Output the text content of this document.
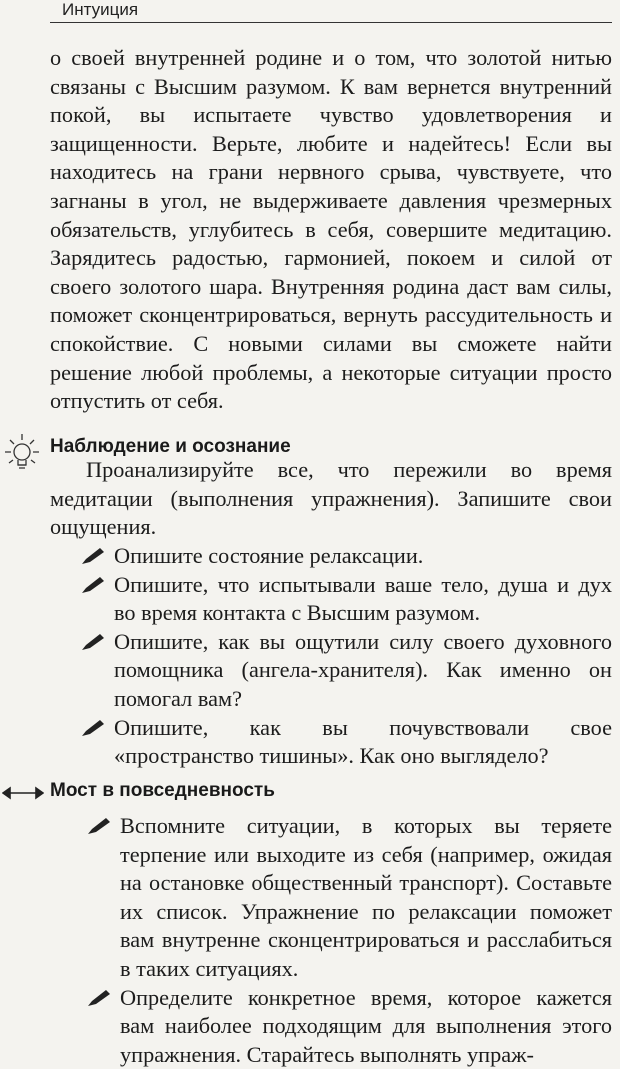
Интуиция

о своей внутренней родине и о том, что золотой нитью связаны с Высшим разумом. К вам вернется внутренний покой, вы испытаете чувство удовлетворения и защищенности. Верьте, любите и надейтесь! Если вы находитесь на грани нервного срыва, чувствуете, что загнаны в угол, не выдерживаете давления чрезмерных обязательств, углубитесь в себя, совершите медитацию. Зарядитесь радостью, гармонией, покоем и силой от своего золотого шара. Внутренняя родина даст вам силы, поможет сконцентрироваться, вернуть рассудительность и спокойствие. С новыми силами вы сможете найти решение любой проблемы, а некоторые ситуации просто отпустить от себя.

Наблюдение и осознание

Проанализируйте все, что пережили во время медитации (выполнения упражнения). Запишите свои ощущения.

Опишите состояние релаксации.
Опишите, что испытывали ваше тело, душа и дух во время контакта с Высшим разумом.
Опишите, как вы ощутили силу своего духовного помощника (ангела-хранителя). Как именно он помогал вам?
Опишите, как вы почувствовали свое «пространство тишины». Как оно выглядело?
Мост в повседневность
Вспомните ситуации, в которых вы теряете терпение или выходите из себя (например, ожидая на остановке общественный транспорт). Составьте их список. Упражнение по релаксации поможет вам внутренне сконцентрироваться и расслабиться в таких ситуациях.
Определите конкретное время, которое кажется вам наиболее подходящим для выполнения этого упражнения. Старайтесь выполнять упраж-
